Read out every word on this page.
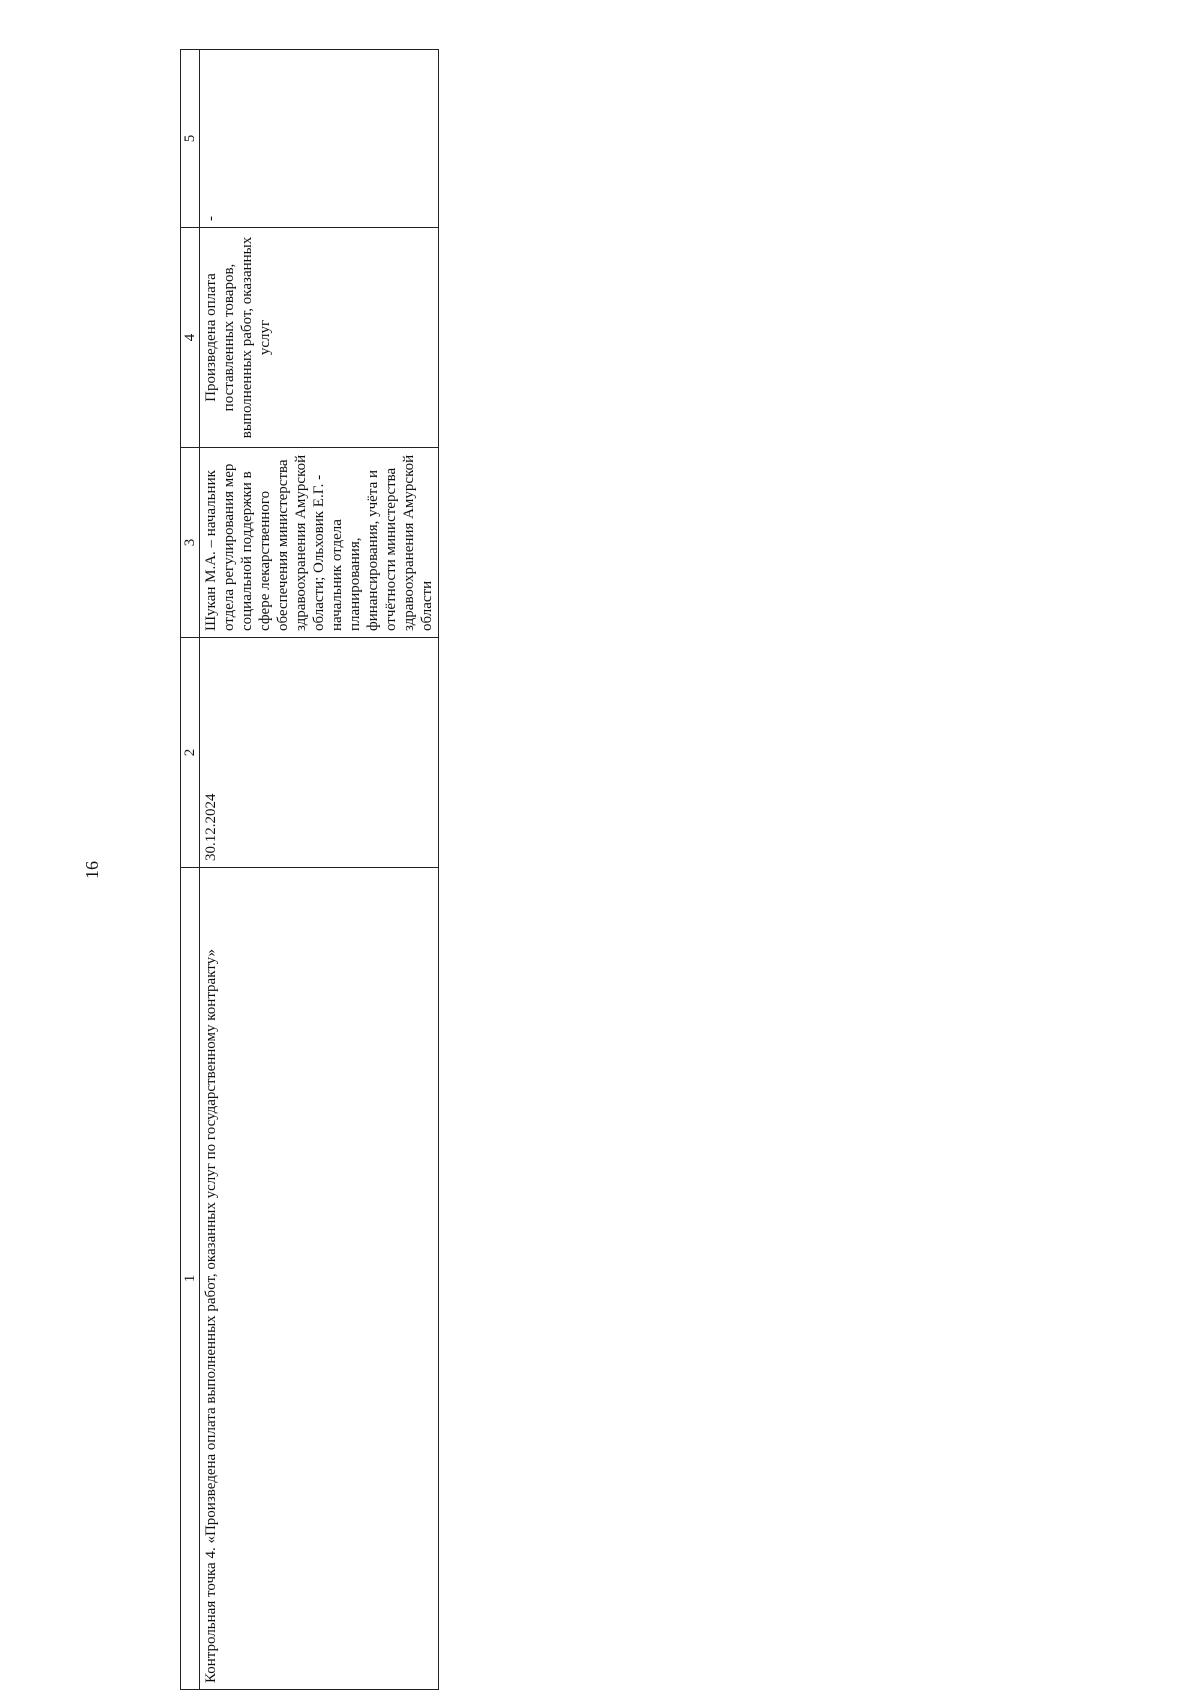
16
1	2	3	4	5
Контрольная точка 4. «Произведена оплата выполненных работ, оказанных услуг по государственному контракту»	30.12.2024	Шукан М.А. – начальник отдела регулирования мер социальной поддержки в сфере лекарственного обеспечения министерства здравоохранения Амурской области; Ольховик Е.Г. - начальник отдела планирования, финансирования, учёта и отчётности министерства здравоохранения Амурской области	Произведена оплата поставленных товаров, выполненных работ, оказанных услуг	-
